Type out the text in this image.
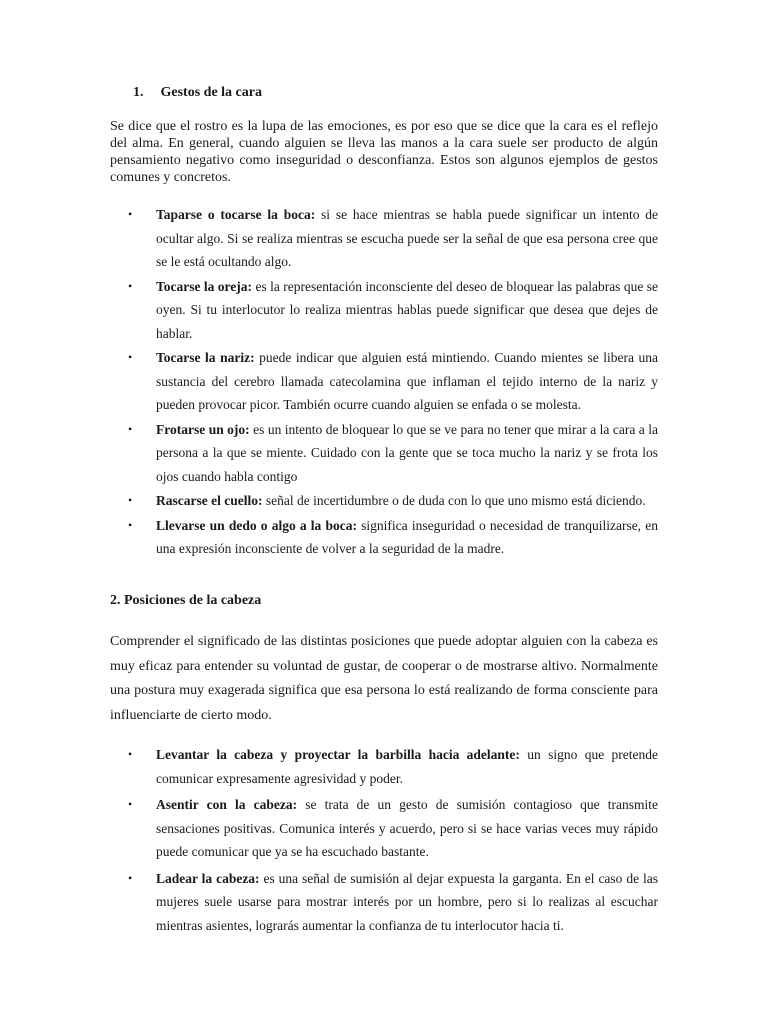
1. Gestos de la cara
Se dice que el rostro es la lupa de las emociones, es por eso que se dice que la cara es el reflejo del alma. En general, cuando alguien se lleva las manos a la cara suele ser producto de algún pensamiento negativo como inseguridad o desconfianza. Estos son algunos ejemplos de gestos comunes y concretos.
• Taparse o tocarse la boca: si se hace mientras se habla puede significar un intento de ocultar algo. Si se realiza mientras se escucha puede ser la señal de que esa persona cree que se le está ocultando algo.
• Tocarse la oreja: es la representación inconsciente del deseo de bloquear las palabras que se oyen. Si tu interlocutor lo realiza mientras hablas puede significar que desea que dejes de hablar.
• Tocarse la nariz: puede indicar que alguien está mintiendo. Cuando mientes se libera una sustancia del cerebro llamada catecolamina que inflaman el tejido interno de la nariz y pueden provocar picor. También ocurre cuando alguien se enfada o se molesta.
• Frotarse un ojo: es un intento de bloquear lo que se ve para no tener que mirar a la cara a la persona a la que se miente. Cuidado con la gente que se toca mucho la nariz y se frota los ojos cuando habla contigo
• Rascarse el cuello: señal de incertidumbre o de duda con lo que uno mismo está diciendo.
• Llevarse un dedo o algo a la boca: significa inseguridad o necesidad de tranquilizarse, en una expresión inconsciente de volver a la seguridad de la madre.
2. Posiciones de la cabeza
Comprender el significado de las distintas posiciones que puede adoptar alguien con la cabeza es muy eficaz para entender su voluntad de gustar, de cooperar o de mostrarse altivo. Normalmente una postura muy exagerada significa que esa persona lo está realizando de forma consciente para influenciarte de cierto modo.
• Levantar la cabeza y proyectar la barbilla hacia adelante: un signo que pretende comunicar expresamente agresividad y poder.
• Asentir con la cabeza: se trata de un gesto de sumisión contagioso que transmite sensaciones positivas. Comunica interés y acuerdo, pero si se hace varias veces muy rápido puede comunicar que ya se ha escuchado bastante.
• Ladear la cabeza: es una señal de sumisión al dejar expuesta la garganta. En el caso de las mujeres suele usarse para mostrar interés por un hombre, pero si lo realizas al escuchar mientras asientes, lograrás aumentar la confianza de tu interlocutor hacia ti.
